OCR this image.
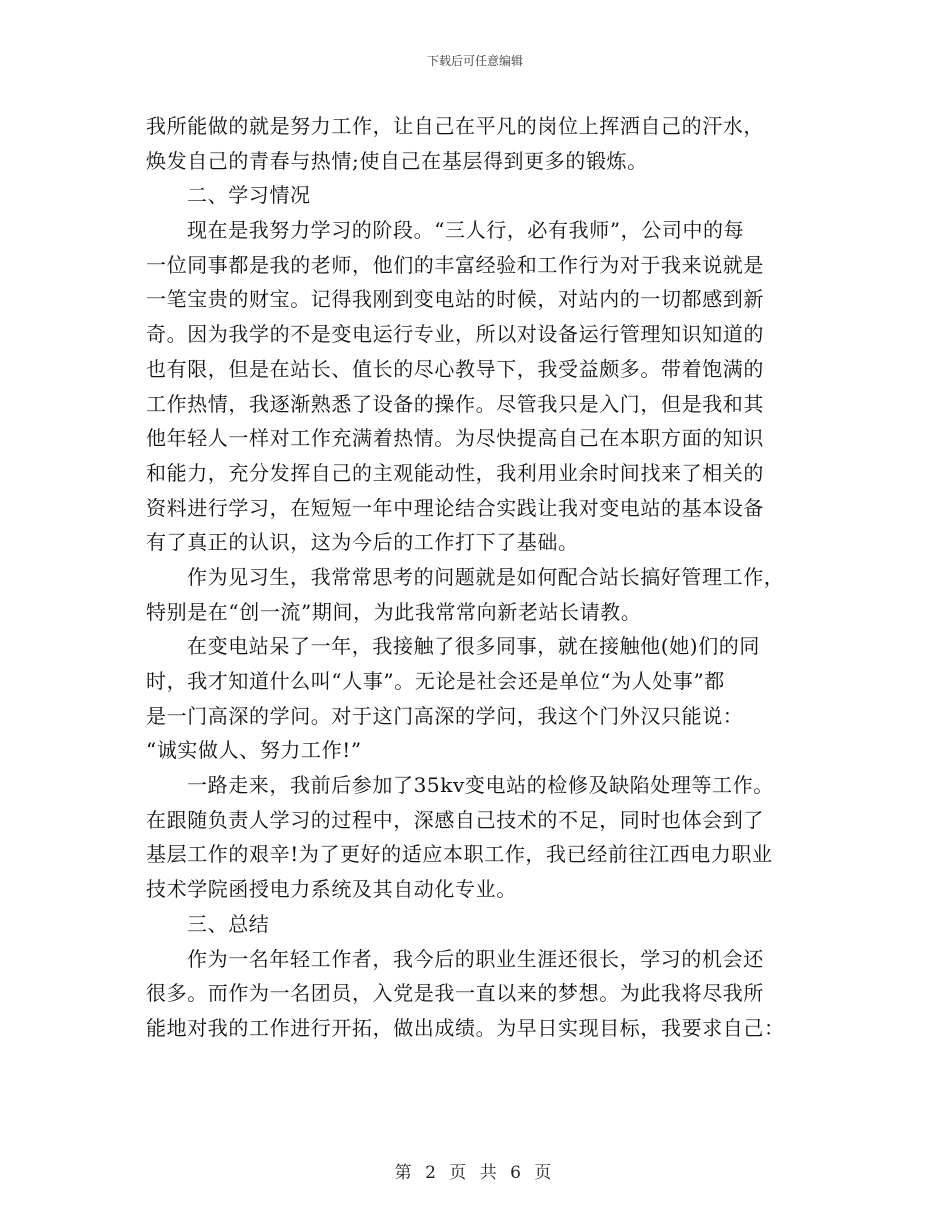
下载后可任意编辑
我所能做的就是努力工作，让自己在平凡的岗位上挥洒自己的汗水，
焕发自己的青春与热情;使自己在基层得到更多的锻炼。
二、学习情况
现在是我努力学习的阶段。“三人行，必有我师”，公司中的每
一位同事都是我的老师，他们的丰富经验和工作行为对于我来说就是
一笔宝贵的财宝。记得我刚到变电站的时候，对站内的一切都感到新
奇。因为我学的不是变电运行专业，所以对设备运行管理知识知道的
也有限，但是在站长、值长的尽心教导下，我受益颇多。带着饱满的
工作热情，我逐渐熟悉了设备的操作。尽管我只是入门，但是我和其
他年轻人一样对工作充满着热情。为尽快提高自己在本职方面的知识
和能力，充分发挥自己的主观能动性，我利用业余时间找来了相关的
资料进行学习，在短短一年中理论结合实践让我对变电站的基本设备
有了真正的认识，这为今后的工作打下了基础。
作为见习生，我常常思考的问题就是如何配合站长搞好管理工作，
特别是在“创一流”期间，为此我常常向新老站长请教。
在变电站呆了一年，我接触了很多同事，就在接触他(她)们的同
时，我才知道什么叫“人事”。无论是社会还是单位“为人处事”都
是一门高深的学问。对于这门高深的学问，我这个门外汉只能说：
“诚实做人、努力工作!”
一路走来，我前后参加了35kv变电站的检修及缺陷处理等工作。
在跟随负责人学习的过程中，深感自己技术的不足，同时也体会到了
基层工作的艰辛!为了更好的适应本职工作，我已经前往江西电力职业
技术学院函授电力系统及其自动化专业。
三、总结
作为一名年轻工作者，我今后的职业生涯还很长，学习的机会还
很多。而作为一名团员，入党是我一直以来的梦想。为此我将尽我所
能地对我的工作进行开拓，做出成绩。为早日实现目标，我要求自己：
第 2 页 共 6 页
